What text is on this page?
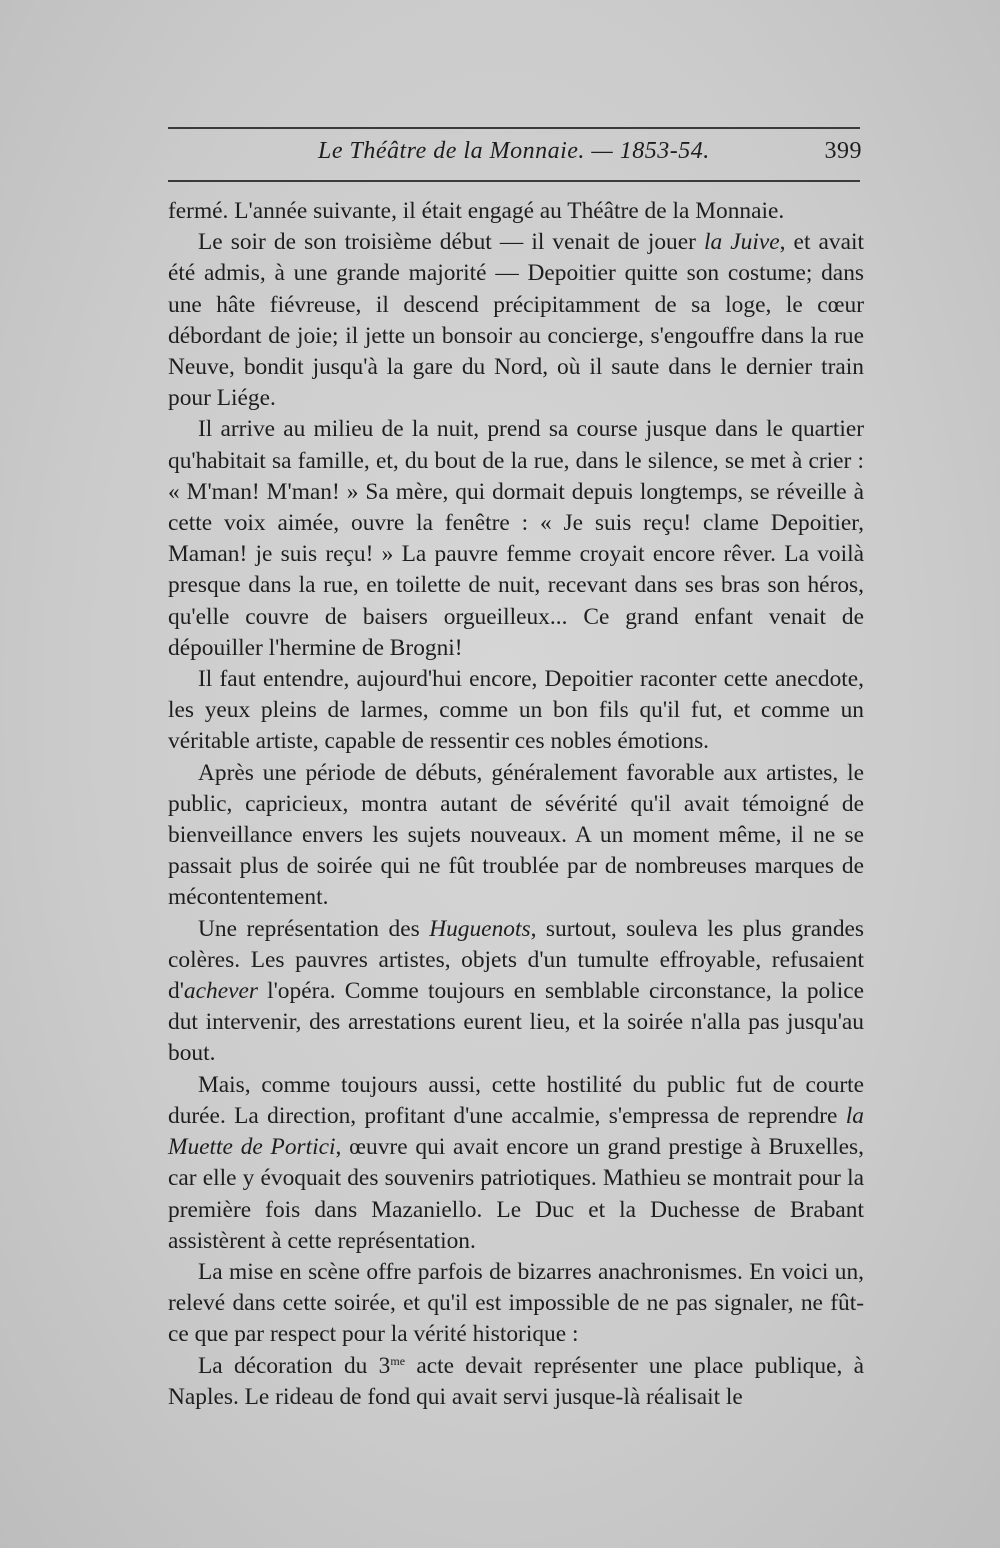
Le Théâtre de la Monnaie. — 1853-54.	399

fermé. L'année suivante, il était engagé au Théâtre de la Monnaie.

Le soir de son troisième début — il venait de jouer la Juive, et avait été admis, à une grande majorité — Depoitier quitte son costume; dans une hâte fiévreuse, il descend précipitamment de sa loge, le cœur débordant de joie; il jette un bonsoir au concierge, s'engouffre dans la rue Neuve, bondit jusqu'à la gare du Nord, où il saute dans le dernier train pour Liége.

Il arrive au milieu de la nuit, prend sa course jusque dans le quartier qu'habitait sa famille, et, du bout de la rue, dans le silence, se met à crier : « M'man! M'man! » Sa mère, qui dormait depuis longtemps, se réveille à cette voix aimée, ouvre la fenêtre : « Je suis reçu! clame Depoitier, Maman! je suis reçu! » La pauvre femme croyait encore rêver. La voilà presque dans la rue, en toilette de nuit, recevant dans ses bras son héros, qu'elle couvre de baisers orgueilleux... Ce grand enfant venait de dépouiller l'hermine de Brogni!

Il faut entendre, aujourd'hui encore, Depoitier raconter cette anecdote, les yeux pleins de larmes, comme un bon fils qu'il fut, et comme un véritable artiste, capable de ressentir ces nobles émotions.

Après une période de débuts, généralement favorable aux artistes, le public, capricieux, montra autant de sévérité qu'il avait témoigné de bienveillance envers les sujets nouveaux. A un moment même, il ne se passait plus de soirée qui ne fût troublée par de nombreuses marques de mécontentement.

Une représentation des Huguenots, surtout, souleva les plus grandes colères. Les pauvres artistes, objets d'un tumulte effroyable, refusaient d'achever l'opéra. Comme toujours en semblable circonstance, la police dut intervenir, des arrestations eurent lieu, et la soirée n'alla pas jusqu'au bout.

Mais, comme toujours aussi, cette hostilité du public fut de courte durée. La direction, profitant d'une accalmie, s'empressa de reprendre la Muette de Portici, œuvre qui avait encore un grand prestige à Bruxelles, car elle y évoquait des souvenirs patriotiques. Mathieu se montrait pour la première fois dans Mazaniello. Le Duc et la Duchesse de Brabant assistèrent à cette représentation.

La mise en scène offre parfois de bizarres anachronismes. En voici un, relevé dans cette soirée, et qu'il est impossible de ne pas signaler, ne fût-ce que par respect pour la vérité historique :

La décoration du $3^{me}$ acte devait représenter une place publique, à Naples. Le rideau de fond qui avait servi jusque-là réalisait le
